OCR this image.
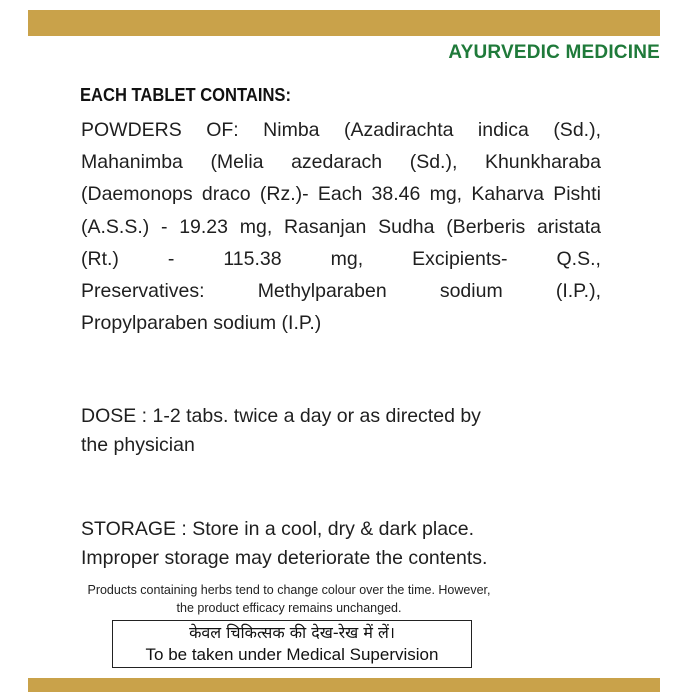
AYURVEDIC MEDICINE
EACH TABLET CONTAINS:
POWDERS OF: Nimba (Azadirachta indica (Sd.),
Mahanimba (Melia azedarach (Sd.), Khunkharaba
(Daemonops draco (Rz.)- Each 38.46 mg, Kaharva Pishti
(A.S.S.) - 19.23 mg, Rasanjan Sudha (Berberis aristata
(Rt.)	-	115.38	mg,	Excipients-	Q.S.,
Preservatives:	Methylparaben	sodium	(I.P.),
Propylparaben sodium (I.P.)
DOSE : 1-2 tabs. twice a day or as directed by the physician
STORAGE : Store in a cool, dry & dark place. Improper storage may deteriorate the contents.
Products containing herbs tend to change colour over the time. However, the product efficacy remains unchanged.
केवल चिकित्सक की देख-रेख में लें।
To be taken under Medical Supervision
